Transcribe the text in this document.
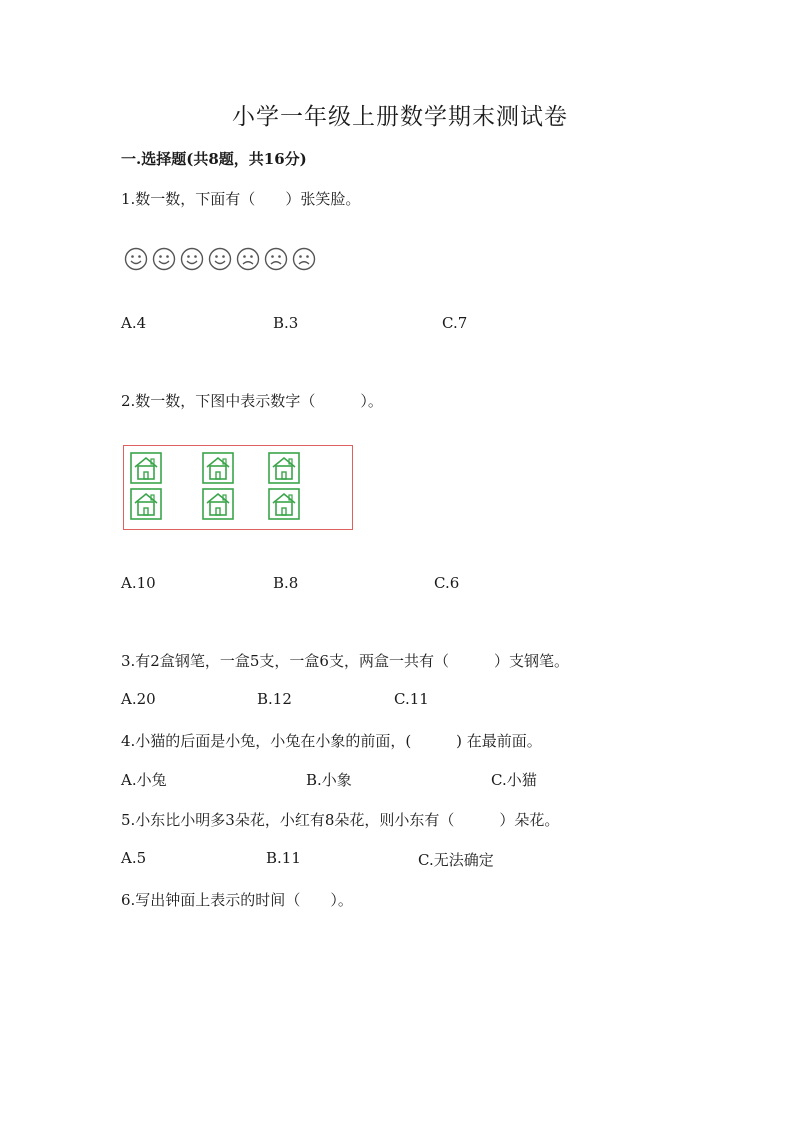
小学一年级上册数学期末测试卷
一.选择题(共8题，共16分)
1.数一数，下面有（　　）张笑脸。
A.4	B.3	C.7
2.数一数，下图中表示数字（　　　）。
A.10	B.8	C.6
3.有2盒钢笔，一盒5支，一盒6支，两盒一共有（　　　）支钢笔。
A.20	B.12	C.11
4.小猫的后面是小兔，小兔在小象的前面，(　　　) 在最前面。
A.小兔	B.小象	C.小猫
5.小东比小明多3朵花，小红有8朵花，则小东有（　　　）朵花。
A.5	B.11	C.无法确定
6.写出钟面上表示的时间（　　）。
